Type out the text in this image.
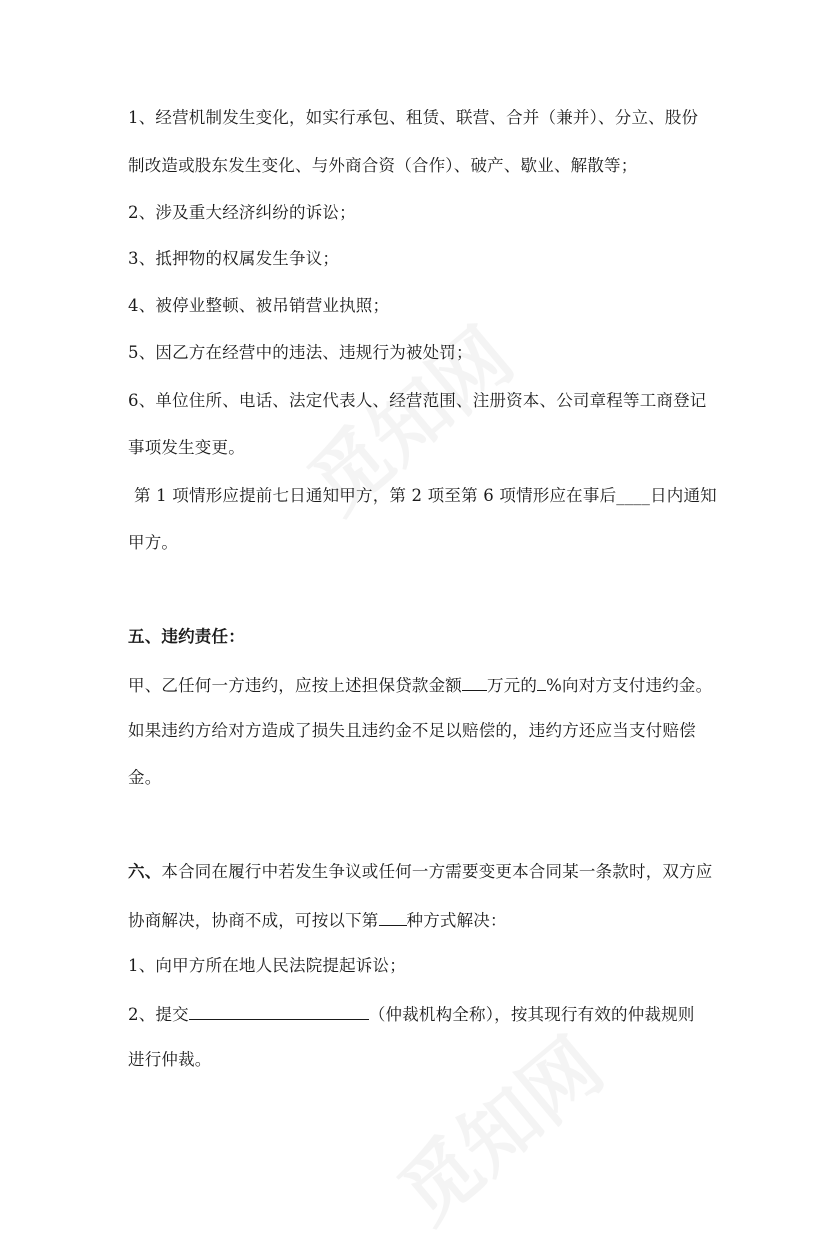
1、经营机制发生变化，如实行承包、租赁、联营、合并（兼并）、分立、股份
制改造或股东发生变化、与外商合资（合作）、破产、歇业、解散等；
2、涉及重大经济纠纷的诉讼；
3、抵押物的权属发生争议；
4、被停业整顿、被吊销营业执照；
5、因乙方在经营中的违法、违规行为被处罚；
6、单位住所、电话、法定代表人、经营范围、注册资本、公司章程等工商登记
事项发生变更。
第 1 项情形应提前七日通知甲方，第 2 项至第 6 项情形应在事后____日内通知
甲方。
五、违约责任：
甲、乙任何一方违约，应按上述担保贷款金额 万元的 %向对方支付违约金。
如果违约方给对方造成了损失且违约金不足以赔偿的，违约方还应当支付赔偿
金。
六、本合同在履行中若发生争议或任何一方需要变更本合同某一条款时，双方应
协商解决，协商不成，可按以下第 种方式解决：
1、向甲方所在地人民法院提起诉讼；
2、提交	（仲裁机构全称），按其现行有效的仲裁规则
进行仲裁。
